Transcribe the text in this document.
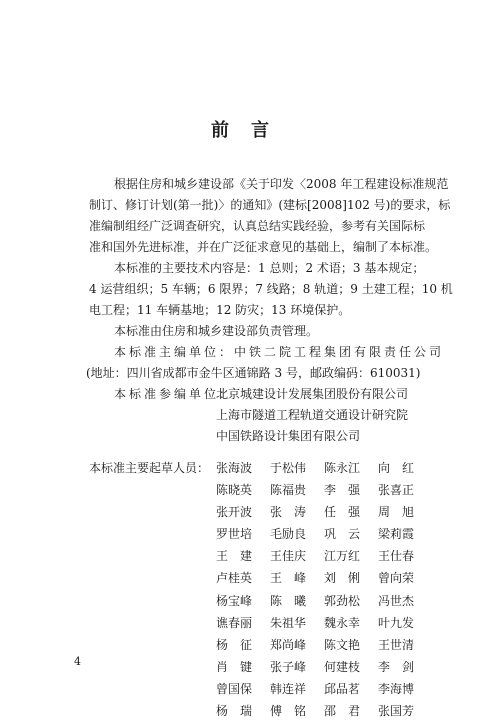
前 言
根据住房和城乡建设部《关于印发〈2008 年工程建设标准规范
制订、修订计划(第一批)〉的通知》(建标[2008]102 号)的要求，标
准编制组经广泛调查研究，认真总结实践经验，参考有关国际标
准和国外先进标准，并在广泛征求意见的基础上，编制了本标准。
本标准的主要技术内容是：1 总则；2 术语；3 基本规定；
4 运营组织；5 车辆；6 限界；7 线路；8 轨道；9 土建工程；10 机
电工程；11 车辆基地；12 防灾；13 环境保护。
本标准由住房和城乡建设部负责管理。
本标准主编单位：中铁二院工程集团有限责任公司
(地址：四川省成都市金牛区通锦路 3 号，邮政编码：610031)
本标准参编单位：
北京城建设计发展集团股份有限公司
上海市隧道工程轨道交通设计研究院
中国铁路设计集团有限公司
本标准主要起草人员： 张海波	于松伟	陈永江	向　红
陈晓英	陈福贵	李　强	张喜正
张开波	张　涛	任　强	周　旭
罗世培	毛励良	巩　云	梁莉霞
王　建	王佳庆	江万红	王仕春
卢桂英	王　峰	刘　俐	曾向荣
杨宝峰	陈　曦	郭劲松	冯世杰
谯春丽	朱祖华	魏永幸	叶九发
杨　征	郑尚峰	陈文艳	王世清
肖　键	张子峰	何建枝	李　剑
曾国保	韩连祥	邱品茗	李海博
杨　瑞	傅　铭	邵　君	张国芳
4
